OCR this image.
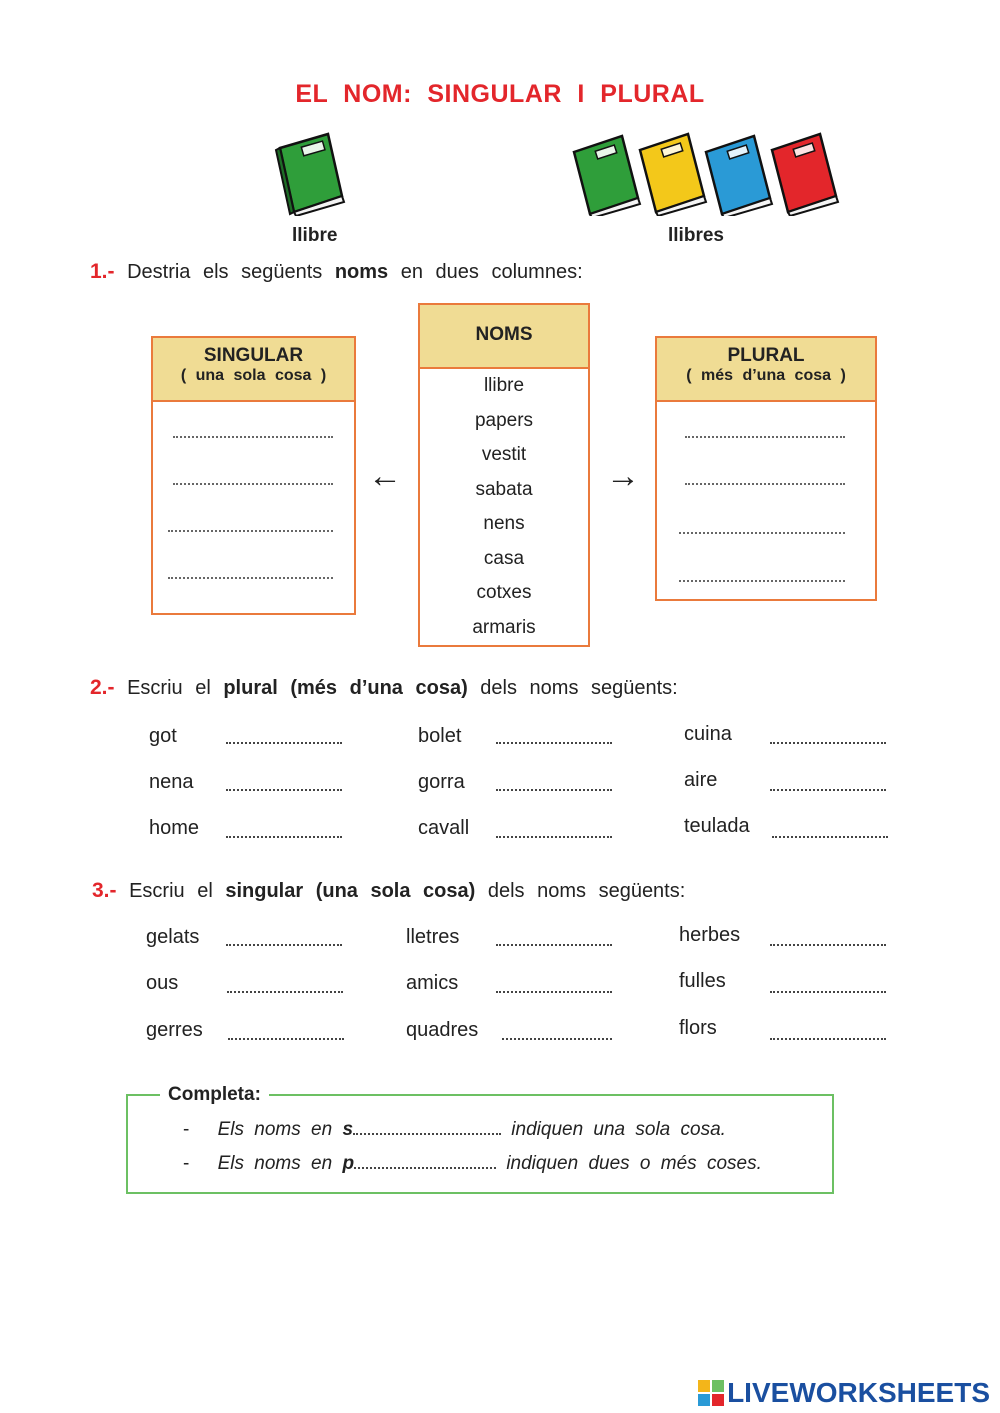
EL NOM: SINGULAR I PLURAL
llibre	llibres
1.- Destria els següents noms en dues columnes:
SINGULAR
( una sola cosa )
NOMS
llibre
papers
vestit
sabata
nens
casa
cotxes
armaris
←	→
PLURAL
( més d’una cosa )
2.- Escriu el plural (més d’una cosa) dels noms següents:
got	bolet	cuina
nena	gorra	aire
home	cavall	teulada
3.- Escriu el singular (una sola cosa) dels noms següents:
gelats	lletres	herbes
ous	amics	fulles
gerres	quadres	flors
Completa:
- Els noms en s	indiquen una sola cosa.
- Els noms en p	indiquen dues o més coses.
LIVEWORKSHEETS
